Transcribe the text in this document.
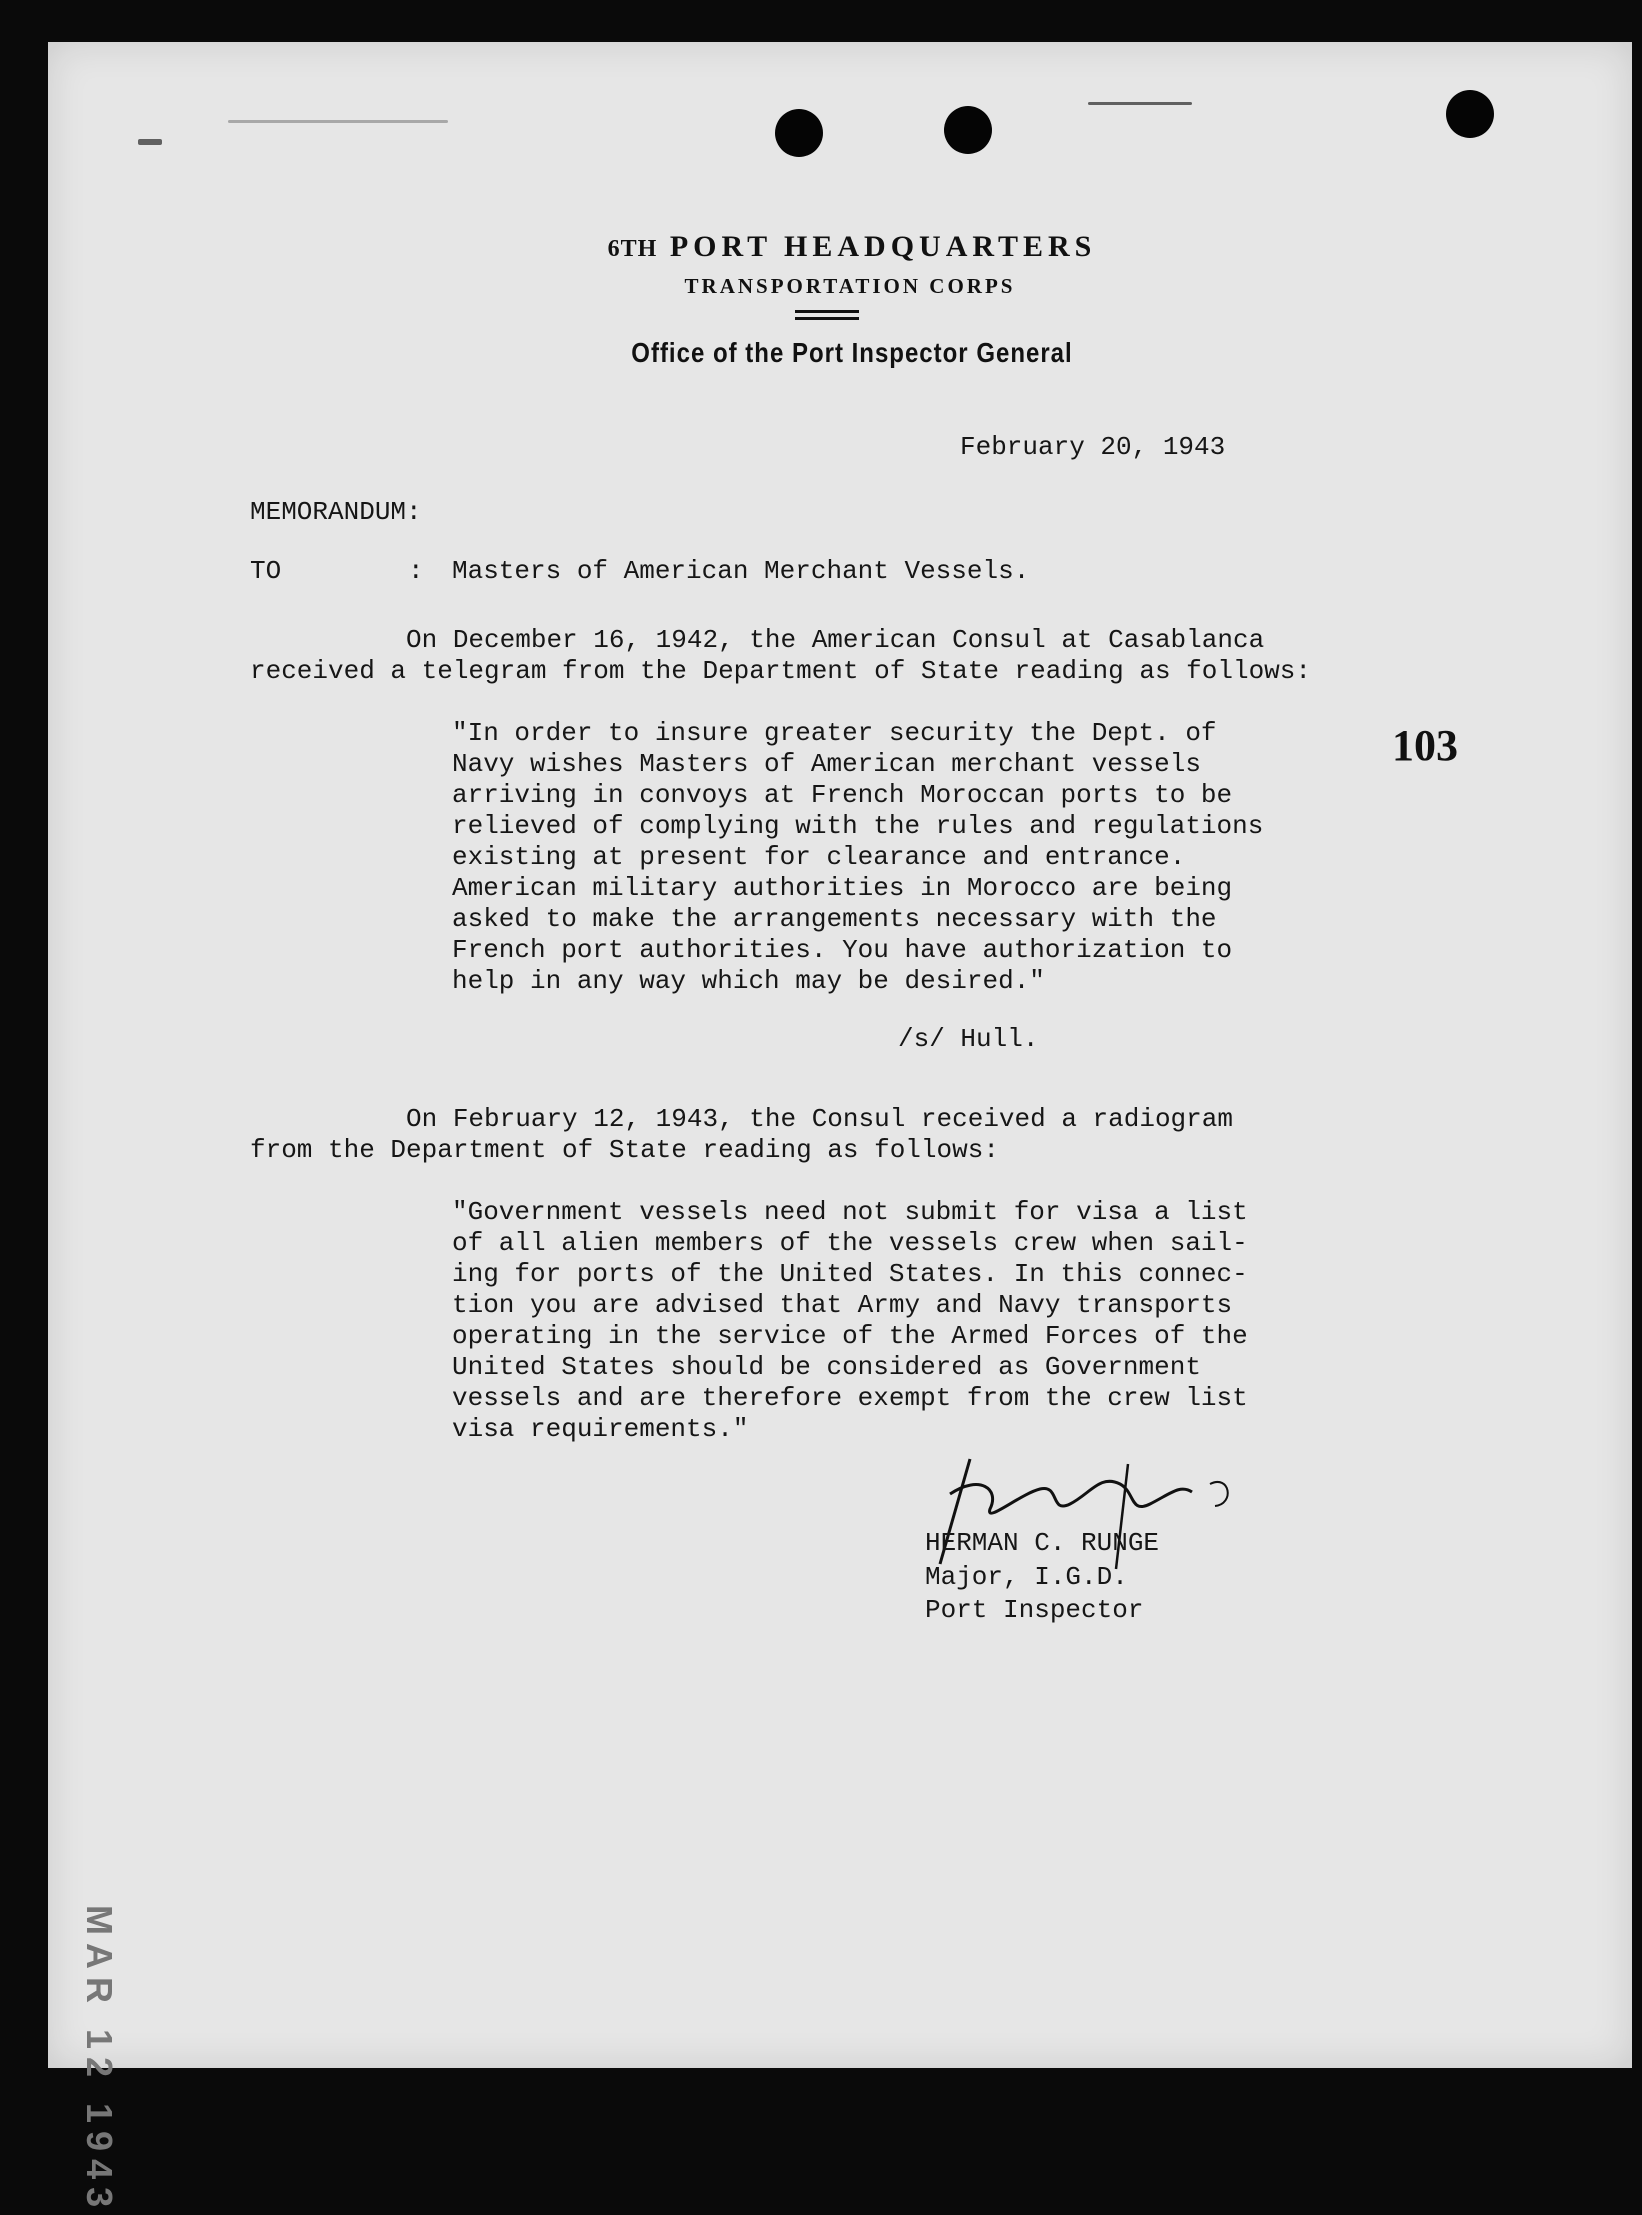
6TH PORT HEADQUARTERS
TRANSPORTATION CORPS
Office of the Port Inspector General
February 20, 1943
MEMORANDUM:
TO	: Masters of American Merchant Vessels.
On December 16, 1942, the American Consul at Casablanca
received a telegram from the Department of State reading as follows:
"In order to insure greater security the Dept. of
Navy wishes Masters of American merchant vessels
arriving in convoys at French Moroccan ports to be
relieved of complying with the rules and regulations
existing at present for clearance and entrance.
American military authorities in Morocco are being
asked to make the arrangements necessary with the
French port authorities. You have authorization to
help in any way which may be desired."
/s/ Hull.
103
On February 12, 1943, the Consul received a radiogram
from the Department of State reading as follows:
"Government vessels need not submit for visa a list
of all alien members of the vessels crew when sail-
ing for ports of the United States. In this connec-
tion you are advised that Army and Navy transports
operating in the service of the Armed Forces of the
United States should be considered as Government
vessels and are therefore exempt from the crew list
visa requirements."
HERMAN C. RUNGE
Major, I.G.D.
Port Inspector
MAR 12 1943
